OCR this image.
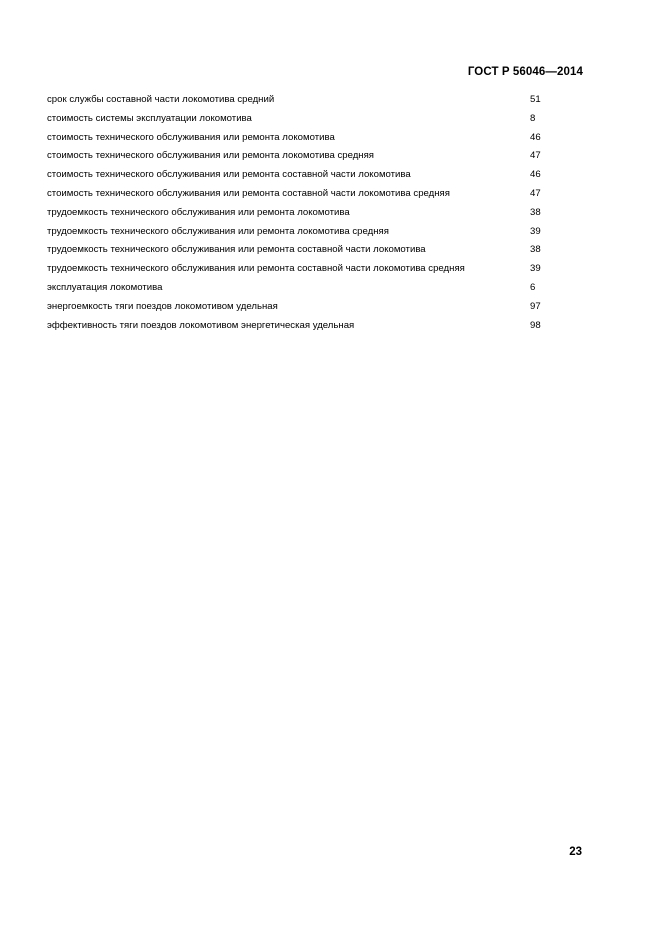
ГОСТ Р 56046—2014
срок службы составной части локомотива средний	51
стоимость системы эксплуатации локомотива	8
стоимость технического обслуживания или ремонта локомотива	46
стоимость технического обслуживания или ремонта локомотива средняя	47
стоимость технического обслуживания или ремонта составной части локомотива	46
стоимость технического обслуживания или ремонта составной части локомотива средняя	47
трудоемкость технического обслуживания или ремонта локомотива	38
трудоемкость технического обслуживания или ремонта локомотива средняя	39
трудоемкость технического обслуживания или ремонта составной части локомотива	38
трудоемкость технического обслуживания или ремонта составной части локомотива средняя	39
эксплуатация локомотива	6
энергоемкость тяги поездов локомотивом удельная	97
эффективность тяги поездов локомотивом энергетическая удельная	98
23
